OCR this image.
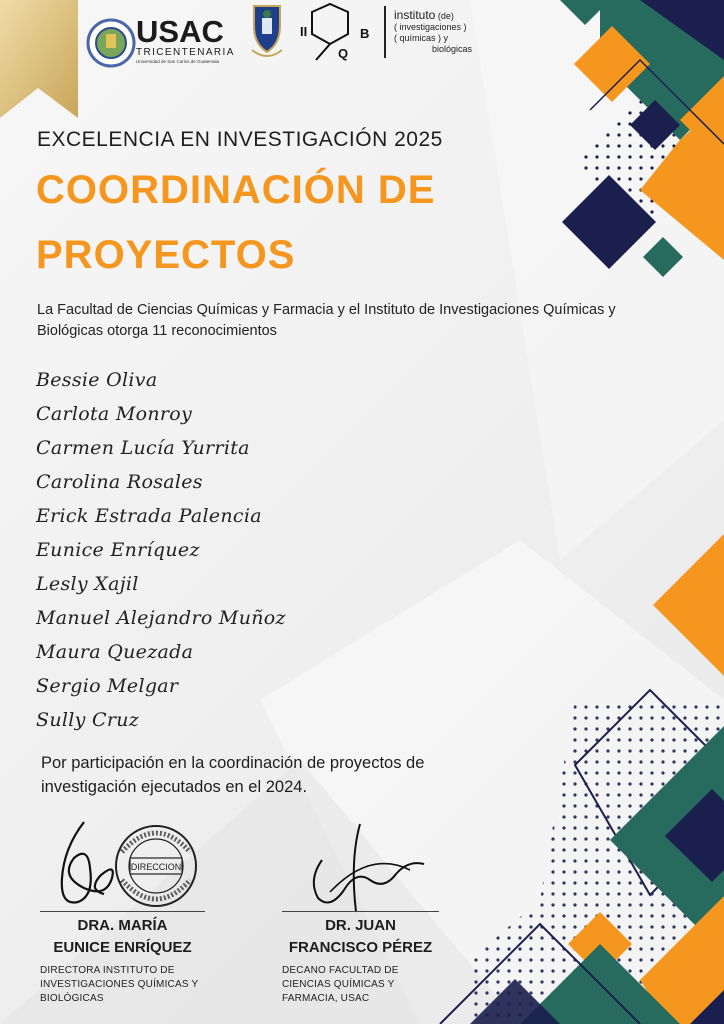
USAC
TRICENTENARIA
Universidad de San Carlos de Guatemala
II
Q
B
instituto (de)
( investigaciones )
( químicas ) y
biológicas
EXCELENCIA EN INVESTIGACIÓN 2025
COORDINACIÓN DE
PROYECTOS
La Facultad de Ciencias Químicas y Farmacia y el Instituto de Investigaciones Químicas y Biológicas otorga 11 reconocimientos
Bessie Oliva
Carlota Monroy
Carmen Lucía Yurrita
Carolina Rosales
Erick Estrada Palencia
Eunice Enríquez
Lesly Xajil
Manuel Alejandro Muñoz
Maura Quezada
Sergio Melgar
Sully Cruz
Por participación en la coordinación de proyectos de investigación ejecutados en el 2024.
DIRECCION
DRA. MARÍA
EUNICE ENRÍQUEZ
DIRECTORA INSTITUTO DE INVESTIGACIONES QUÍMICAS Y BIOLÓGICAS
DR. JUAN
FRANCISCO PÉREZ
DECANO FACULTAD DE CIENCIAS QUÍMICAS Y FARMACIA, USAC
